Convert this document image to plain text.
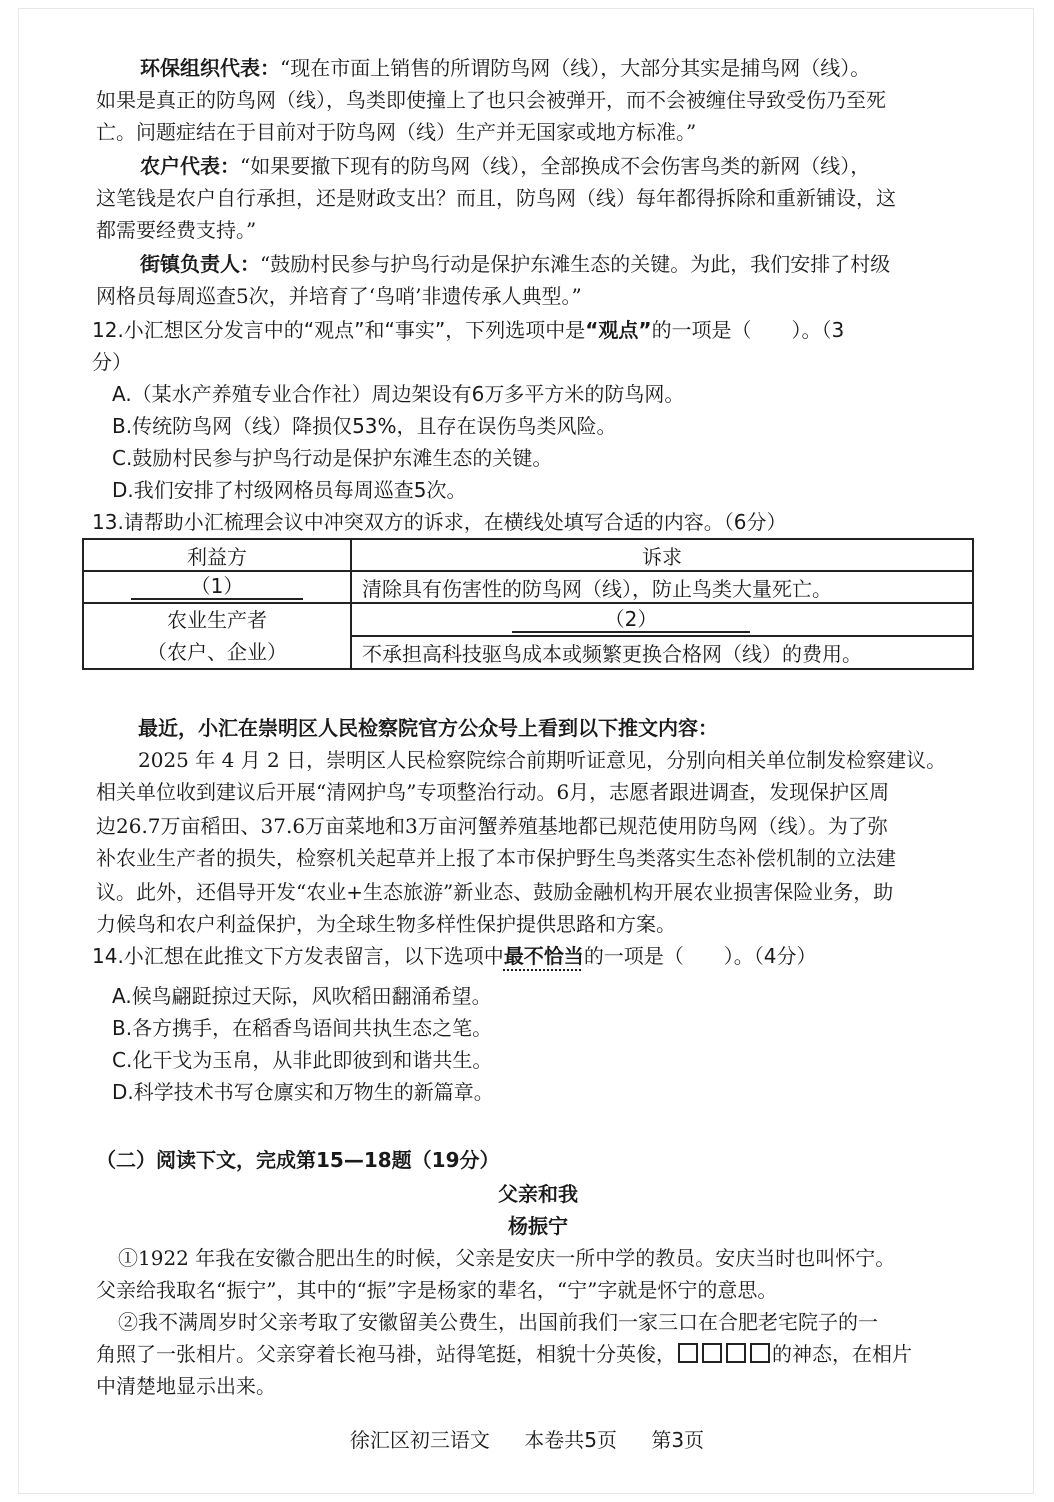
环保组织代表：“现在市面上销售的所谓防鸟网（线），大部分其实是捕鸟网（线）。
如果是真正的防鸟网（线），鸟类即使撞上了也只会被弹开，而不会被缠住导致受伤乃至死
亡。问题症结在于目前对于防鸟网（线）生产并无国家或地方标准。”
农户代表：“如果要撤下现有的防鸟网（线），全部换成不会伤害鸟类的新网（线），
这笔钱是农户自行承担，还是财政支出？而且，防鸟网（线）每年都得拆除和重新铺设，这
都需要经费支持。”
街镇负责人：“鼓励村民参与护鸟行动是保护东滩生态的关键。为此，我们安排了村级
网格员每周巡查5次，并培育了‘鸟哨’非遗传承人典型。”
12.小汇想区分发言中的“观点”和“事实”，下列选项中是“观点”的一项是（　　）。（3
分）
A.（某水产养殖专业合作社）周边架设有6万多平方米的防鸟网。
B.传统防鸟网（线）降损仅53%，且存在误伤鸟类风险。
C.鼓励村民参与护鸟行动是保护东滩生态的关键。
D.我们安排了村级网格员每周巡查5次。
13.请帮助小汇梳理会议中冲突双方的诉求，在横线处填写合适的内容。（6分）
利益方	诉求
（1）	清除具有伤害性的防鸟网（线），防止鸟类大量死亡。

农业生产者
（农户、企业）	（2）
	不承担高科技驱鸟成本或频繁更换合格网（线）的费用。
最近，小汇在崇明区人民检察院官方公众号上看到以下推文内容：
2025 年 4 月 2 日，崇明区人民检察院综合前期听证意见，分别向相关单位制发检察建议。
相关单位收到建议后开展“清网护鸟”专项整治行动。6月，志愿者跟进调查，发现保护区周
边26.7万亩稻田、37.6万亩菜地和3万亩河蟹养殖基地都已规范使用防鸟网（线）。为了弥
补农业生产者的损失，检察机关起草并上报了本市保护野生鸟类落实生态补偿机制的立法建
议。此外，还倡导开发“农业+生态旅游”新业态、鼓励金融机构开展农业损害保险业务，助
力候鸟和农户利益保护，为全球生物多样性保护提供思路和方案。
14.小汇想在此推文下方发表留言，以下选项中最不恰当的一项是（　　）。（4分）
A.候鸟翩跹掠过天际，风吹稻田翻涌希望。
B.各方携手，在稻香鸟语间共执生态之笔。
C.化干戈为玉帛，从非此即彼到和谐共生。
D.科学技术书写仓廪实和万物生的新篇章。
（二）阅读下文，完成第15—18题（19分）
父亲和我
杨振宁
①1922 年我在安徽合肥出生的时候，父亲是安庆一所中学的教员。安庆当时也叫怀宁。
父亲给我取名“振宁”，其中的“振”字是杨家的辈名，“宁”字就是怀宁的意思。
②我不满周岁时父亲考取了安徽留美公费生，出国前我们一家三口在合肥老宅院子的一
角照了一张相片。父亲穿着长袍马褂，站得笔挺，相貌十分英俊，	的神态，在相片
中清楚地显示出来。
徐汇区初三语文 本卷共5页 第3页
